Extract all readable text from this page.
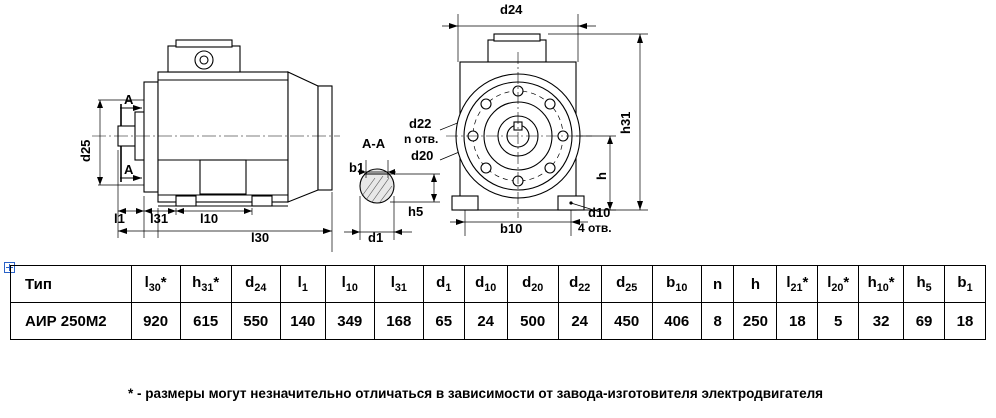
d24
d22
n отв.
d20
b1
h5
d1
h31
h
d10
4 отв.
b10
A-A
A
A
d25
l1 l31 l10
l30
Тип	$l_{30}*$	$h_{31}*$	$d_{24}$	$l_1$	$l_{10}$	$l_{31}$	$d_1$	$d_{10}$	$d_{20}$	$d_{22}$	$d_{25}$	$b_{10}$	n	h	$l_{21}*$	$l_{20}*$	$h_{10}*$	$h_5$	$b_1$
АИР 250М2	920	615	550	140	349	168	65	24	500	24	450	406	8	250	18	5	32	69	18
* - размеры могут незначительно отличаться в зависимости от завода-изготовителя электродвигателя
